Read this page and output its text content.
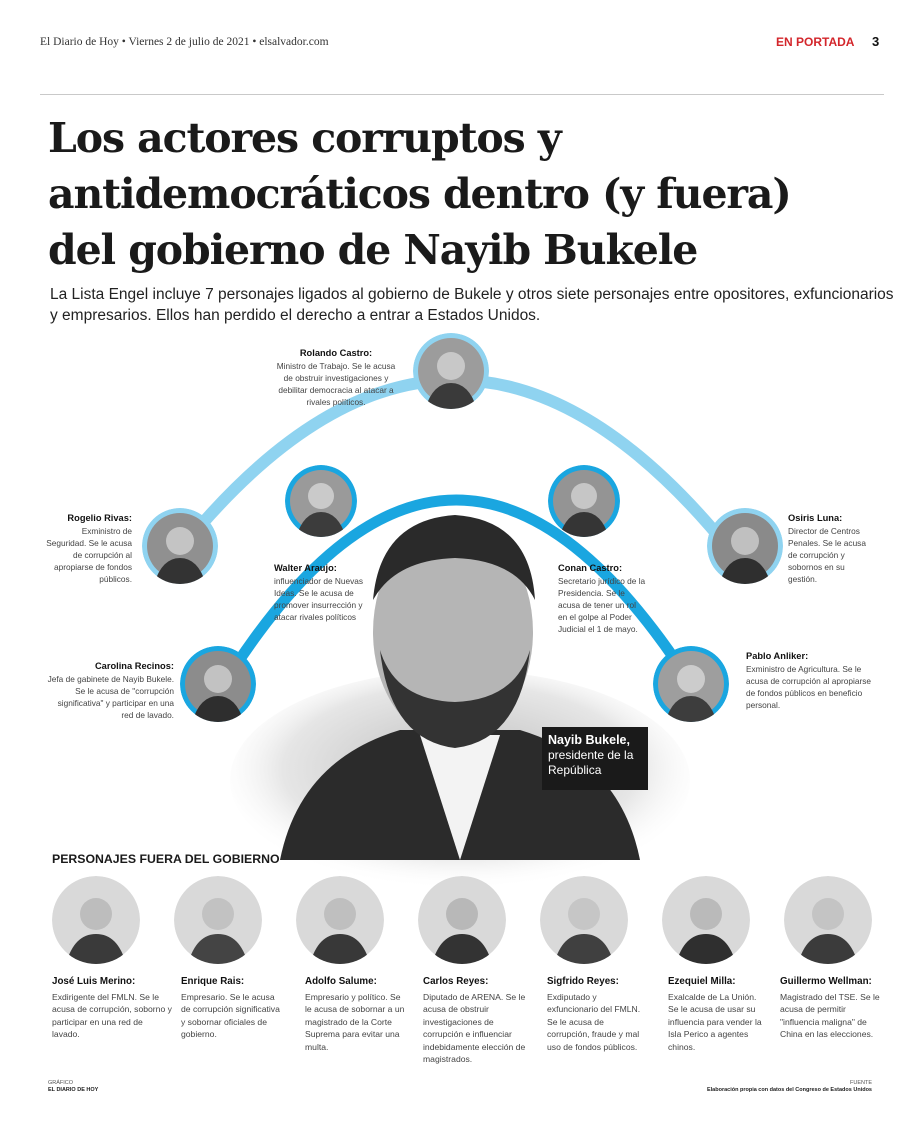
El Diario de Hoy • Viernes 2 de julio de 2021 • elsalvador.com	EN PORTADA 3
Los actores corruptos y
antidemocráticos dentro (y fuera)
del gobierno de Nayib Bukele
La Lista Engel incluye 7 personajes ligados al gobierno de Bukele y otros siete personajes entre opositores, exfuncionarios y empresarios. Ellos han perdido el derecho a entrar a Estados Unidos.
Rolando Castro:
Ministro de Trabajo. Se le acusa de obstruir investigaciones y debilitar democracia al atacar a rivales políticos.
Rogelio Rivas:
Exministro de Seguridad. Se le acusa de corrupción al apropiarse de fondos públicos.
Osiris Luna:
Director de Centros Penales. Se le acusa de corrupción y sobornos en su gestión.
Walter Araujo:
influenciador de Nuevas Ideas. Se le acusa de promover insurrección y atacar rivales políticos
Conan Castro:
Secretario jurídico de la Presidencia. Se le acusa de tener un rol en el golpe al Poder Judicial el 1 de mayo.
Carolina Recinos:
Jefa de gabinete de Nayib Bukele. Se le acusa de "corrupción significativa" y participar en una red de lavado.
Pablo Anliker:
Exministro de Agricultura. Se le acusa de corrupción al apropiarse de fondos públicos en beneficio personal.
Nayib Bukele,
presidente de la República
PERSONAJES FUERA DEL GOBIERNO
José Luis Merino:
Exdirigente del FMLN. Se le acusa de corrupción, soborno y participar en una red de lavado.
Enrique Rais:
Empresario. Se le acusa de corrupción significativa y sobornar oficiales de gobierno.
Adolfo Salume:
Empresario y político. Se le acusa de sobornar a un magistrado de la Corte Suprema para evitar una multa.
Carlos Reyes:
Diputado de ARENA. Se le acusa de obstruir investigaciones de corrupción e influenciar indebidamente elección de magistrados.
Sigfrido Reyes:
Exdiputado y exfuncionario del FMLN. Se le acusa de corrupción, fraude y mal uso de fondos públicos.
Ezequiel Milla:
Exalcalde de La Unión. Se le acusa de usar su influencia para vender la Isla Perico a agentes chinos.
Guillermo Wellman:
Magistrado del TSE. Se le acusa de permitir "influencia maligna" de China en las elecciones.
GRÁFICO
EL DIARIO DE HOY
FUENTE
Elaboración propia con datos del Congreso de Estados Unidos
